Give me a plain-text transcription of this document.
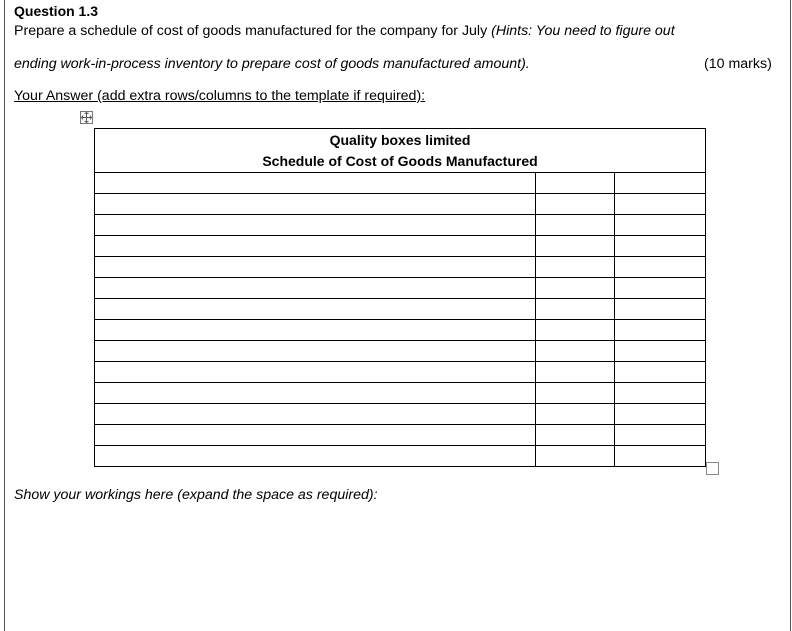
Question 1.3
Prepare a schedule of cost of goods manufactured for the company for July (Hints: You need to figure out
ending work-in-process inventory to prepare cost of goods manufactured amount).	(10 marks)
Your Answer (add extra rows/columns to the template if required):
Quality boxes limited
Schedule of Cost of Goods Manufactured		

Show your workings here (expand the space as required):
